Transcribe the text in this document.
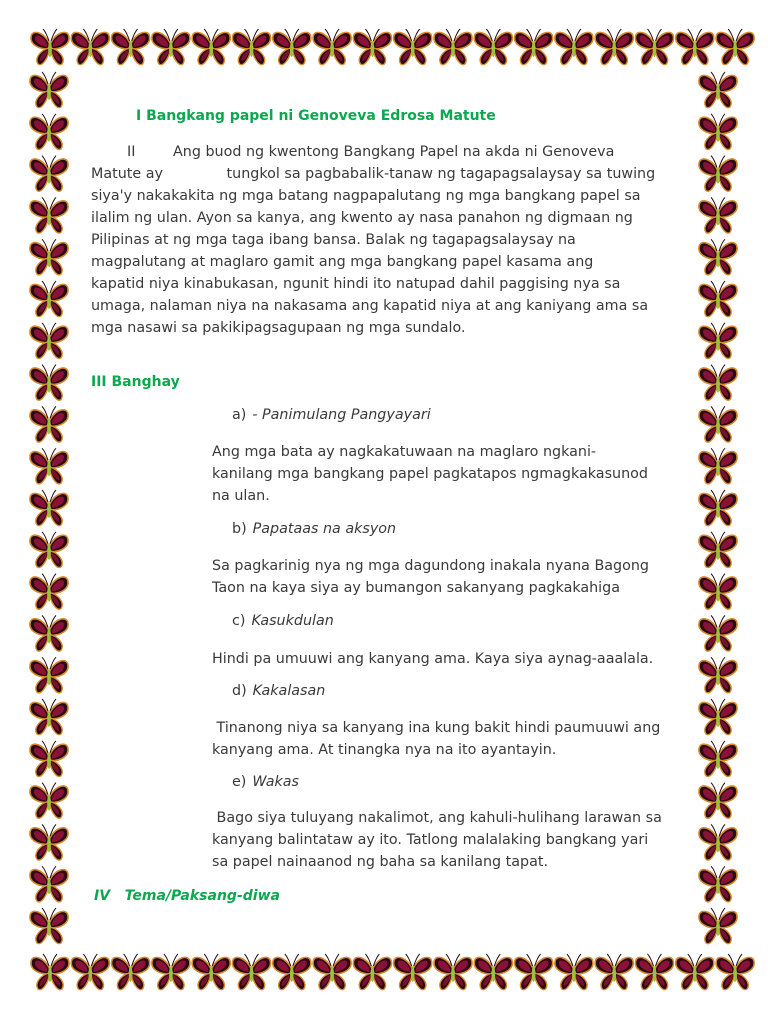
I Bangkang papel ni Genoveva Edrosa Matute
II	Ang buod ng kwentong Bangkang Papel na akda ni Genoveva
Matute ay              tungkol sa pagbabalik-tanaw ng tagapagsalaysay sa tuwing
siya'y nakakakita ng mga batang nagpapalutang ng mga bangkang papel sa
ilalim ng ulan. Ayon sa kanya, ang kwento ay nasa panahon ng digmaan ng
Pilipinas at ng mga taga ibang bansa. Balak ng tagapagsalaysay na
magpalutang at maglaro gamit ang mga bangkang papel kasama ang
kapatid niya kinabukasan, ngunit hindi ito natupad dahil paggising nya sa
umaga, nalaman niya na nakasama ang kapatid niya at ang kaniyang ama sa
mga nasawi sa pakikipagsagupaan ng mga sundalo.
III Banghay
a) - Panimulang Pangyayari
Ang mga bata ay nagkakatuwaan na maglaro ngkani-
kanilang mga bangkang papel pagkatapos ngmagkakasunod
na ulan.
b) Papataas na aksyon
Sa pagkarinig nya ng mga dagundong inakala nyana Bagong
Taon na kaya siya ay bumangon sakanyang pagkakahiga
c) Kasukdulan
Hindi pa umuuwi ang kanyang ama. Kaya siya aynag-aaalala.
d) Kakalasan
Tinanong niya sa kanyang ina kung bakit hindi paumuuwi ang
kanyang ama. At tinangka nya na ito ayantayin.
e) Wakas
Bago siya tuluyang nakalimot, ang kahuli-hulihang larawan sa
kanyang balintataw ay ito. Tatlong malalaking bangkang yari
sa papel nainaanod ng baha sa kanilang tapat.
IV   Tema/Paksang-diwa
